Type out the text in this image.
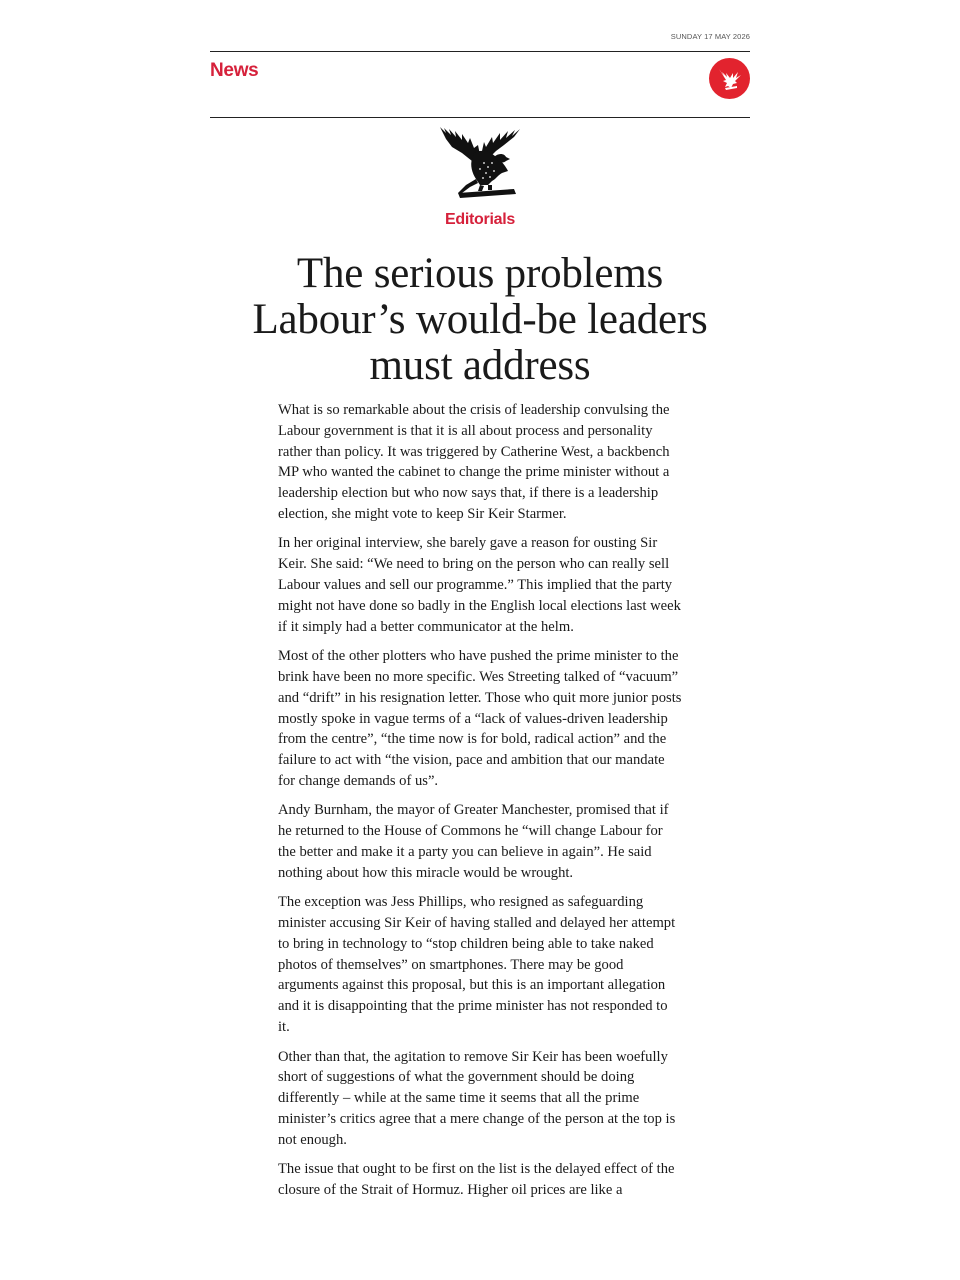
SUNDAY 17 MAY 2026
News
Editorials
The serious problems
Labour’s would-be leaders
must address

What is so remarkable about the crisis of leadership convulsing the Labour government is that it is all about process and personality rather than policy. It was triggered by Catherine West, a backbench MP who wanted the cabinet to change the prime minister without a leadership election but who now says that, if there is a leadership election, she might vote to keep Sir Keir Starmer.

In her original interview, she barely gave a reason for ousting Sir Keir. She said: “We need to bring on the person who can really sell Labour values and sell our programme.” This implied that the party might not have done so badly in the English local elections last week if it simply had a better communicator at the helm.

Most of the other plotters who have pushed the prime minister to the brink have been no more specific. Wes Streeting talked of “vacuum” and “drift” in his resignation letter. Those who quit more junior posts mostly spoke in vague terms of a “lack of values-driven leadership from the centre”, “the time now is for bold, radical action” and the failure to act with “the vision, pace and ambition that our mandate for change demands of us”.

Andy Burnham, the mayor of Greater Manchester, promised that if he returned to the House of Commons he “will change Labour for the better and make it a party you can believe in again”. He said nothing about how this miracle would be wrought.

The exception was Jess Phillips, who resigned as safeguarding minister accusing Sir Keir of having stalled and delayed her attempt to bring in technology to “stop children being able to take naked photos of themselves” on smartphones. There may be good arguments against this proposal, but this is an important allegation and it is disappointing that the prime minister has not responded to it.

Other than that, the agitation to remove Sir Keir has been woefully short of suggestions of what the government should be doing differently – while at the same time it seems that all the prime minister’s critics agree that a mere change of the person at the top is not enough.

The issue that ought to be first on the list is the delayed effect of the closure of the Strait of Hormuz. Higher oil prices are like a
